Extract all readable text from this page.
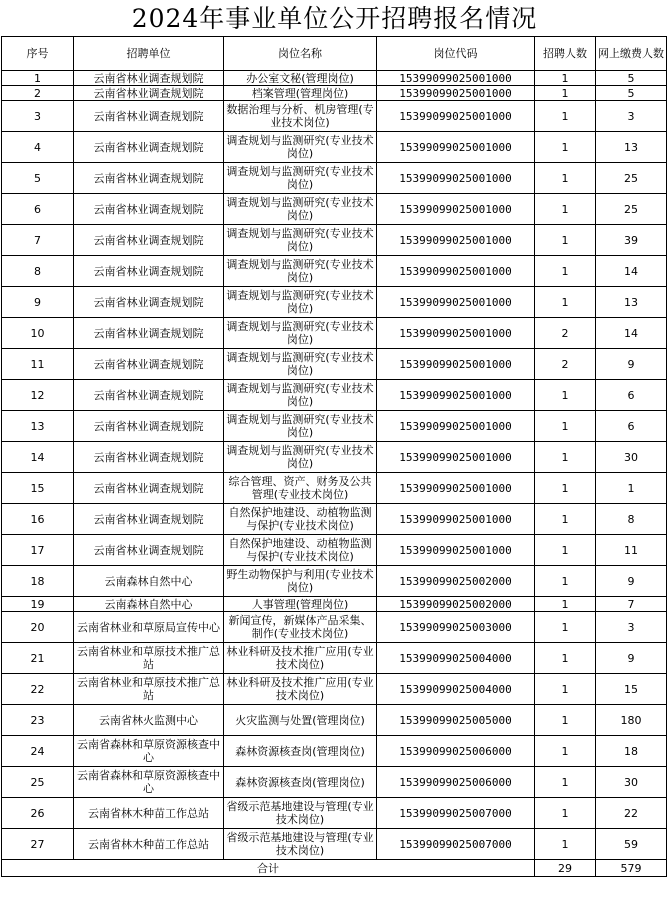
2024年事业单位公开招聘报名情况
序号	招聘单位	岗位名称	岗位代码	招聘人数	网上缴费人数
1	云南省林业调查规划院	办公室文秘(管理岗位)	15399099025001000	1	5
2	云南省林业调查规划院	档案管理(管理岗位)	15399099025001000	1	5
3	云南省林业调查规划院	数据治理与分析、机房管理(专业技术岗位)	15399099025001000	1	3
4	云南省林业调查规划院	调查规划与监测研究(专业技术岗位)	15399099025001000	1	13
5	云南省林业调查规划院	调查规划与监测研究(专业技术岗位)	15399099025001000	1	25
6	云南省林业调查规划院	调查规划与监测研究(专业技术岗位)	15399099025001000	1	25
7	云南省林业调查规划院	调查规划与监测研究(专业技术岗位)	15399099025001000	1	39
8	云南省林业调查规划院	调查规划与监测研究(专业技术岗位)	15399099025001000	1	14
9	云南省林业调查规划院	调查规划与监测研究(专业技术岗位)	15399099025001000	1	13
10	云南省林业调查规划院	调查规划与监测研究(专业技术岗位)	15399099025001000	2	14
11	云南省林业调查规划院	调查规划与监测研究(专业技术岗位)	15399099025001000	2	9
12	云南省林业调查规划院	调查规划与监测研究(专业技术岗位)	15399099025001000	1	6
13	云南省林业调查规划院	调查规划与监测研究(专业技术岗位)	15399099025001000	1	6
14	云南省林业调查规划院	调查规划与监测研究(专业技术岗位)	15399099025001000	1	30
15	云南省林业调查规划院	综合管理、资产、财务及公共管理(专业技术岗位)	15399099025001000	1	1
16	云南省林业调查规划院	自然保护地建设、动植物监测与保护(专业技术岗位)	15399099025001000	1	8
17	云南省林业调查规划院	自然保护地建设、动植物监测与保护(专业技术岗位)	15399099025001000	1	11
18	云南森林自然中心	野生动物保护与利用(专业技术岗位)	15399099025002000	1	9
19	云南森林自然中心	人事管理(管理岗位)	15399099025002000	1	7
20	云南省林业和草原局宣传中心	新闻宣传，新媒体产品采集、制作(专业技术岗位)	15399099025003000	1	3
21	云南省林业和草原技术推广总站	林业科研及技术推广应用(专业技术岗位)	15399099025004000	1	9
22	云南省林业和草原技术推广总站	林业科研及技术推广应用(专业技术岗位)	15399099025004000	1	15
23	云南省林火监测中心	火灾监测与处置(管理岗位)	15399099025005000	1	180
24	云南省森林和草原资源核查中心	森林资源核查岗(管理岗位)	15399099025006000	1	18
25	云南省森林和草原资源核查中心	森林资源核查岗(管理岗位)	15399099025006000	1	30
26	云南省林木种苗工作总站	省级示范基地建设与管理(专业技术岗位)	15399099025007000	1	22
27	云南省林木种苗工作总站	省级示范基地建设与管理(专业技术岗位)	15399099025007000	1	59
合计				29	579
